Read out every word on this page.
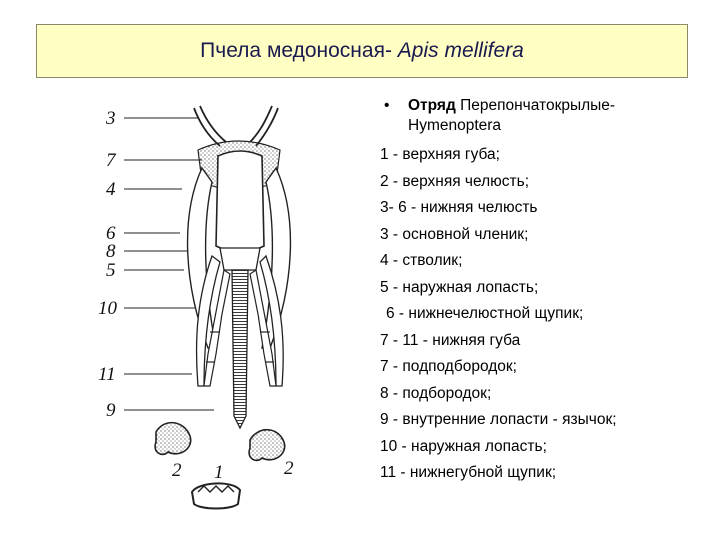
Пчела медоносная- Apis mellifera
3
7
4
6
8
5
10
11
9
2 1	2
• Отряд Перепончатокрылые-
Hymenoptera
1 - верхняя губа;
2 - верхняя челюсть;
3- 6 - нижняя челюсть
3 - основной членик;
4 - стволик;
5 - наружная лопасть;
6 - нижнечелюстной щупик;
7 - 11 - нижняя губа
7 - подподбородок;
8 - подбородок;
9 - внутренние лопасти - язычок;
10 - наружная лопасть;
11 - нижнегубной щупик;
